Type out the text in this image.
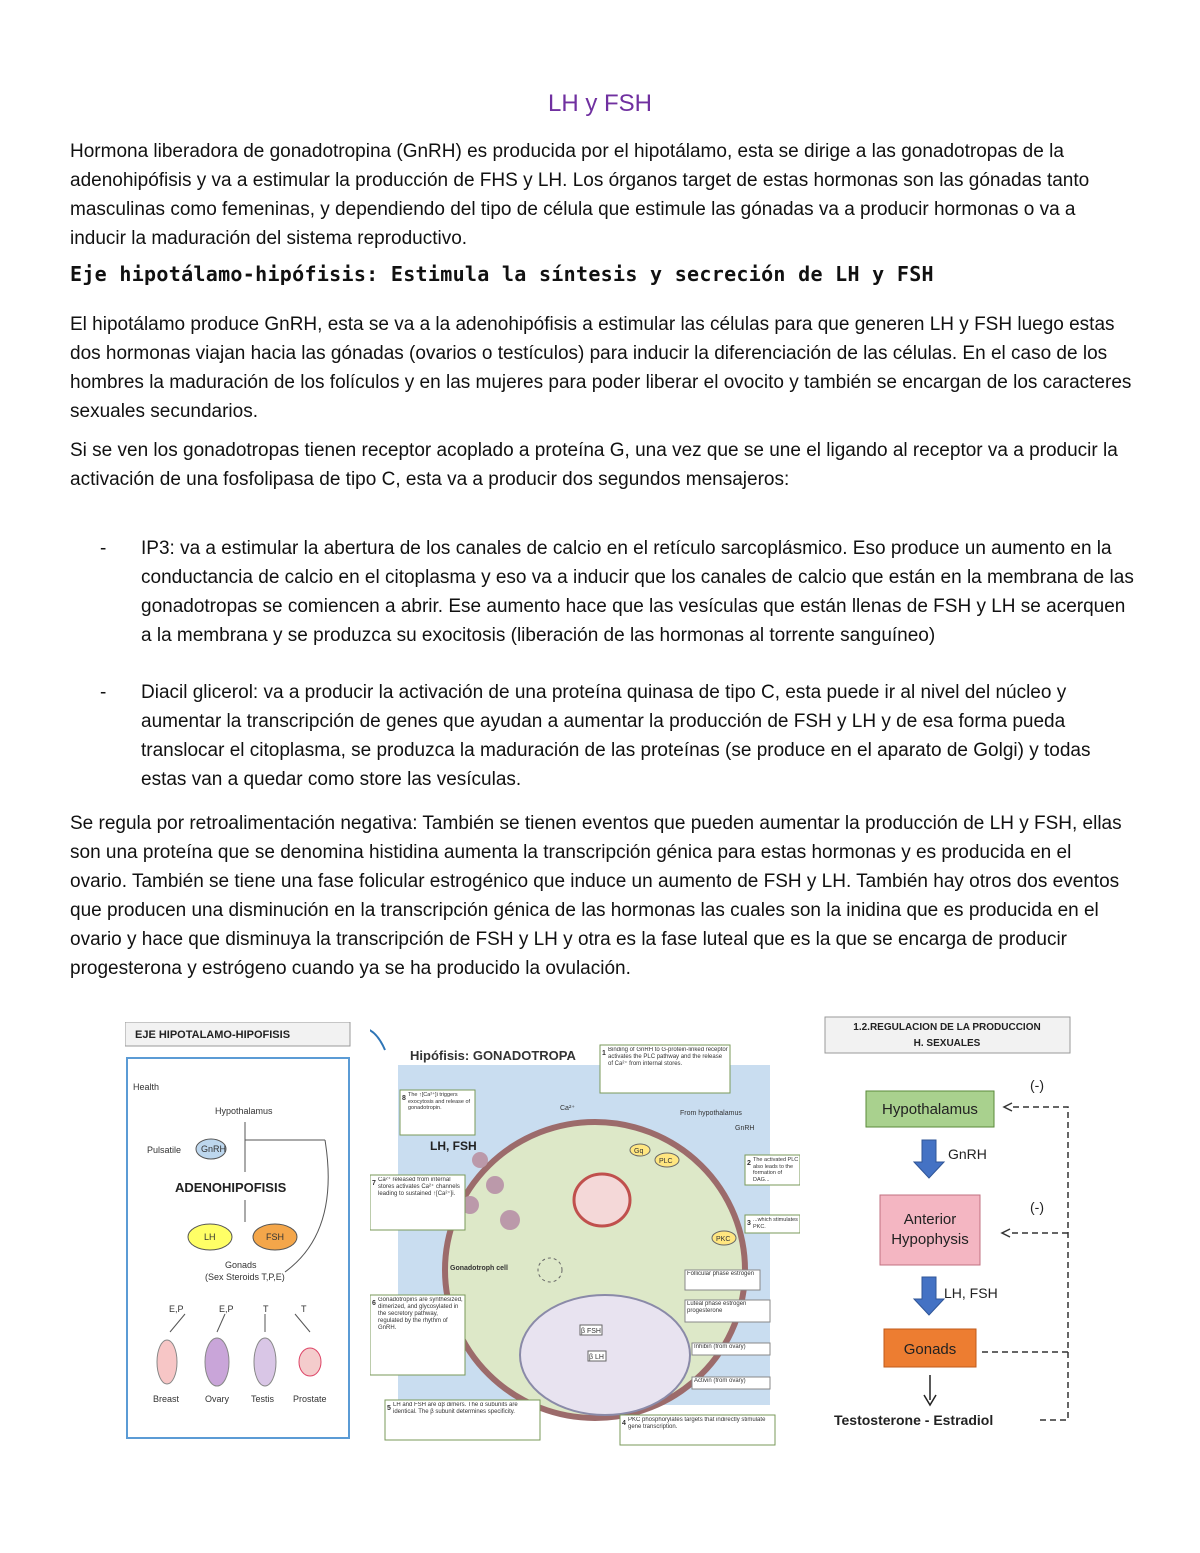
LH y FSH
Hormona liberadora de gonadotropina (GnRH) es producida por el hipotálamo, esta se dirige a las gonadotropas de la adenohipófisis y va a estimular la producción de FHS y LH. Los órganos target de estas hormonas son las gónadas tanto masculinas como femeninas, y dependiendo del tipo de célula que estimule las gónadas va a producir hormonas o va a inducir la maduración del sistema reproductivo.
Eje hipotálamo-hipófisis: Estimula la síntesis y secreción de LH y FSH
El hipotálamo produce GnRH, esta se va a la adenohipófisis a estimular las células para que generen LH y FSH luego estas dos hormonas viajan hacia las gónadas (ovarios o testículos) para inducir la diferenciación de las células. En el caso de los hombres la maduración de los folículos y en las mujeres para poder liberar el ovocito y también se encargan de los caracteres sexuales secundarios.
Si se ven los gonadotropas tienen receptor acoplado a proteína G, una vez que se une el ligando al receptor va a producir la activación de una fosfolipasa de tipo C, esta va a producir dos segundos mensajeros:
- IP3: va a estimular la abertura de los canales de calcio en el retículo sarcoplásmico. Eso produce un aumento en la conductancia de calcio en el citoplasma y eso va a inducir que los canales de calcio que están en la membrana de las gonadotropas se comiencen a abrir. Ese aumento hace que las vesículas que están llenas de FSH y LH se acerquen a la membrana y se produzca su exocitosis (liberación de las hormonas al torrente sanguíneo)
- Diacil glicerol: va a producir la activación de una proteína quinasa de tipo C, esta puede ir al nivel del núcleo y aumentar la transcripción de genes que ayudan a aumentar la producción de FSH y LH y de esa forma pueda translocar el citoplasma, se produzca la maduración de las proteínas (se produce en el aparato de Golgi) y todas estas van a quedar como store las vesículas.
Se regula por retroalimentación negativa: También se tienen eventos que pueden aumentar la producción de LH y FSH, ellas son una proteína que se denomina histidina aumenta la transcripción génica para estas hormonas y es producida en el ovario. También se tiene una fase folicular estrogénico que induce un aumento de FSH y LH. También hay otros dos eventos que producen una disminución en la transcripción génica de las hormonas las cuales son la inidina que es producida en el ovario y hace que disminuya la transcripción de FSH y LH y otra es la fase luteal que es la que se encarga de producir progesterona y estrógeno cuando ya se ha producido la ovulación.
EJE HIPOTALAMO-HIPOFISIS
Health
Hypothalamus
Pulsatile GnRH
ADENOHIPOFISIS
LH	FSH
Gonads
(Sex Steroids T,P,E)
E,P	E,P	T	T
Breast	Ovary Testis Prostate
Hipófisis: GONADOTROPA
LH, FSH
Gonadotroph cell
Ca²⁺
Gq
PLC
PKC
GnRH
From hypothalamus
β FSH
β LH
1 Binding of GnRH to G-protein-linked receptor activates the PLC pathway and the release of Ca²⁺ from internal stores.
2 The activated PLC also leads to the formation of DAG...
3 ...which stimulates PKC.
4 PKC phosphorylates targets that indirectly stimulate gene transcription.
5 LH and FSH are αβ dimers. The α subunits are identical. The β subunit determines specificity.
6 Gonadotropins are synthesized, dimerized, and glycosylated in the secretory pathway, regulated by the rhythm of GnRH.
7 Ca²⁺ released from internal stores activates Ca²⁺ channels leading to sustained ↑[Ca²⁺]i.
8 The ↑[Ca²⁺]i triggers exocytosis and release of gonadotropin.
Follicular phase estrogen
Luteal phase estrogen progesterone
Inhibin (from ovary)
Activin (from ovary)
1.2.REGULACION DE LA PRODUCCION
H. SEXUALES
Hypothalamus
GnRH
Anterior
Hypophysis
LH, FSH
Gonads
Testosterone - Estradiol
(-)
(-)
